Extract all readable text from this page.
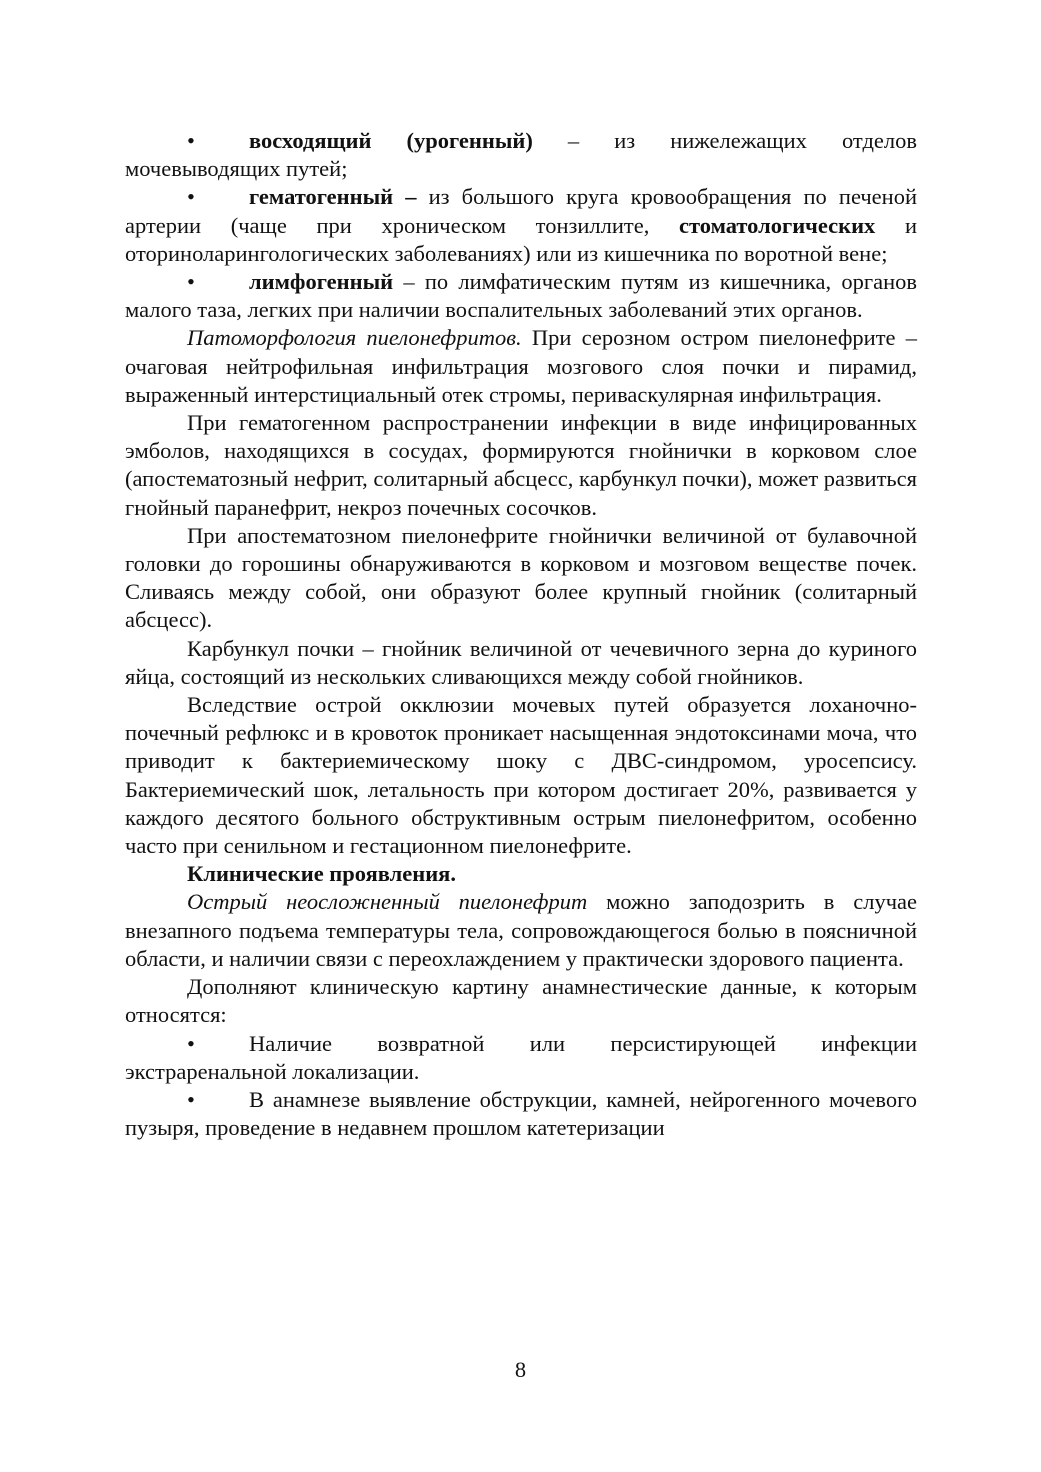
• восходящий (урогенный) – из нижележащих отделов мочевыводящих путей;

• гематогенный – из большого круга кровообращения по печеной артерии (чаще при хроническом тонзиллите, стоматологических и оториноларингологических заболеваниях) или из кишечника по воротной вене;

• лимфогенный – по лимфатическим путям из кишечника, органов малого таза, легких при наличии воспалительных заболеваний этих органов.

Патоморфология пиелонефритов. При серозном остром пиелонефрите – очаговая нейтрофильная инфильтрация мозгового слоя почки и пирамид, выраженный интерстициальный отек стромы, периваскулярная инфильтрация.

При гематогенном распространении инфекции в виде инфицированных эмболов, находящихся в сосудах, формируются гнойнички в корковом слое (апостематозный нефрит, солитарный абсцесс, карбункул почки), может развиться гнойный паранефрит, некроз почечных сосочков.

При апостематозном пиелонефрите гнойнички величиной от булавочной головки до горошины обнаруживаются в корковом и мозговом веществе почек. Сливаясь между собой, они образуют более крупный гнойник (солитарный абсцесс).

Карбункул почки – гнойник величиной от чечевичного зерна до куриного яйца, состоящий из нескольких сливающихся между собой гнойников.

Вследствие острой окклюзии мочевых путей образуется лоханочно-почечный рефлюкс и в кровоток проникает насыщенная эндотоксинами моча, что приводит к бактериемическому шоку с ДВС-синдромом, уросепсису. Бактериемический шок, летальность при котором достигает 20%, развивается у каждого десятого больного обструктивным острым пиелонефритом, особенно часто при сенильном и гестационном пиелонефрите.

Клинические проявления.

Острый неосложненный пиелонефрит можно заподозрить в случае внезапного подъема температуры тела, сопровождающегося болью в поясничной области, и наличии связи с переохлаждением у практически здорового пациента.

Дополняют клиническую картину анамнестические данные, к которым относятся:

• Наличие возвратной или персистирующей инфекции экстраренальной локализации.

• В анамнезе выявление обструкции, камней, нейрогенного мочевого пузыря, проведение в недавнем прошлом катетеризации

8
